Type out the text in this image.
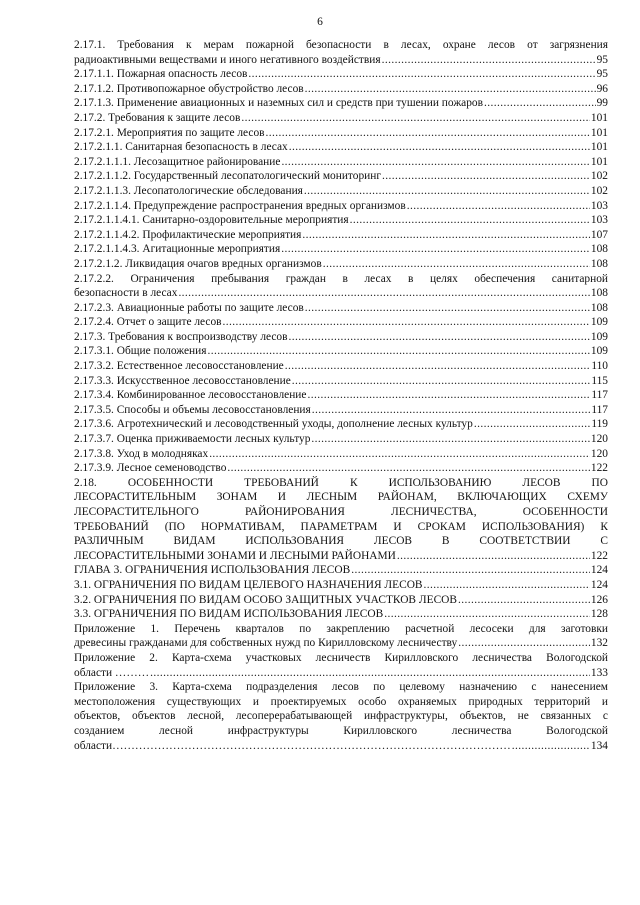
6
2.17.1. Требования к мерам пожарной безопасности в лесах, охране лесов от загрязнения
радиоактивными веществами и иного негативного воздействия .....	95
2.17.1.1. Пожарная опасность лесов .....	95
2.17.1.2. Противопожарное обустройство лесов .....	96
2.17.1.3. Применение авиационных и наземных сил и средств при тушении пожаров .....	99
2.17.2. Требования к защите лесов .....	101
2.17.2.1. Мероприятия по защите лесов .....	101
2.17.2.1.1. Санитарная безопасность в лесах .....	101
2.17.2.1.1.1. Лесозащитное районирование .....	101
2.17.2.1.1.2. Государственный лесопатологический мониторинг .....	102
2.17.2.1.1.3. Лесопатологические обследования .....	102
2.17.2.1.1.4. Предупреждение распространения вредных организмов .....	103
2.17.2.1.1.4.1. Санитарно-оздоровительные мероприятия .....	103
2.17.2.1.1.4.2. Профилактические мероприятия .....	107
2.17.2.1.1.4.3. Агитационные мероприятия .....	108
2.17.2.1.2. Ликвидация очагов вредных организмов .....	108
2.17.2.2. Ограничения пребывания граждан в лесах в целях обеспечения санитарной
безопасности в лесах .....	108
2.17.2.3. Авиационные работы по защите лесов .....	108
2.17.2.4. Отчет о защите лесов .....	109
2.17.3. Требования к воспроизводству лесов .....	109
2.17.3.1. Общие положения .....	109
2.17.3.2. Естественное лесовосстановление .....	110
2.17.3.3. Искусственное лесовосстановление .....	115
2.17.3.4. Комбинированное лесовосстановление .....	117
2.17.3.5. Способы и объемы лесовосстановления .....	117
2.17.3.6. Агротехнический и лесоводственный уходы, дополнение лесных культур .....	119
2.17.3.7. Оценка приживаемости лесных культур .....	120
2.17.3.8. Уход в молодняках .....	120
2.17.3.9. Лесное семеноводство .....	122
2.18. ОСОБЕННОСТИ ТРЕБОВАНИЙ К ИСПОЛЬЗОВАНИЮ ЛЕСОВ ПО
ЛЕСОРАСТИТЕЛЬНЫМ ЗОНАМ И ЛЕСНЫМ РАЙОНАМ, ВКЛЮЧАЮЩИХ СХЕМУ
ЛЕСОРАСТИТЕЛЬНОГО РАЙОНИРОВАНИЯ ЛЕСНИЧЕСТВА, ОСОБЕННОСТИ
ТРЕБОВАНИЙ (ПО НОРМАТИВАМ, ПАРАМЕТРАМ И СРОКАМ ИСПОЛЬЗОВАНИЯ) К
РАЗЛИЧНЫМ ВИДАМ ИСПОЛЬЗОВАНИЯ ЛЕСОВ В СООТВЕТСТВИИ С
ЛЕСОРАСТИТЕЛЬНЫМИ ЗОНАМИ И ЛЕСНЫМИ РАЙОНАМИ .....	122
ГЛАВА 3. ОГРАНИЧЕНИЯ ИСПОЛЬЗОВАНИЯ ЛЕСОВ .....	124
3.1. ОГРАНИЧЕНИЯ ПО ВИДАМ ЦЕЛЕВОГО НАЗНАЧЕНИЯ ЛЕСОВ .....	124
3.2. ОГРАНИЧЕНИЯ ПО ВИДАМ ОСОБО ЗАЩИТНЫХ УЧАСТКОВ ЛЕСОВ .....	126
3.3. ОГРАНИЧЕНИЯ ПО ВИДАМ ИСПОЛЬЗОВАНИЯ ЛЕСОВ .....	128
Приложение 1. Перечень кварталов по закреплению расчетной лесосеки для заготовки
древесины гражданами для собственных нужд по Кирилловскому лесничеству .....	132
Приложение 2. Карта-схема участковых лесничеств Кирилловского лесничества Вологодской
области ……… .....	133
Приложение 3. Карта-схема подразделения лесов по целевому назначению с нанесением
местоположения существующих и проектируемых особо охраняемых природных территорий и
объектов, объектов лесной, лесоперерабатывающей инфраструктуры, объектов, не связанных с
созданием лесной инфраструктуры Кирилловского лесничества Вологодской
области…………………………………………………………………………………………… .....	134
